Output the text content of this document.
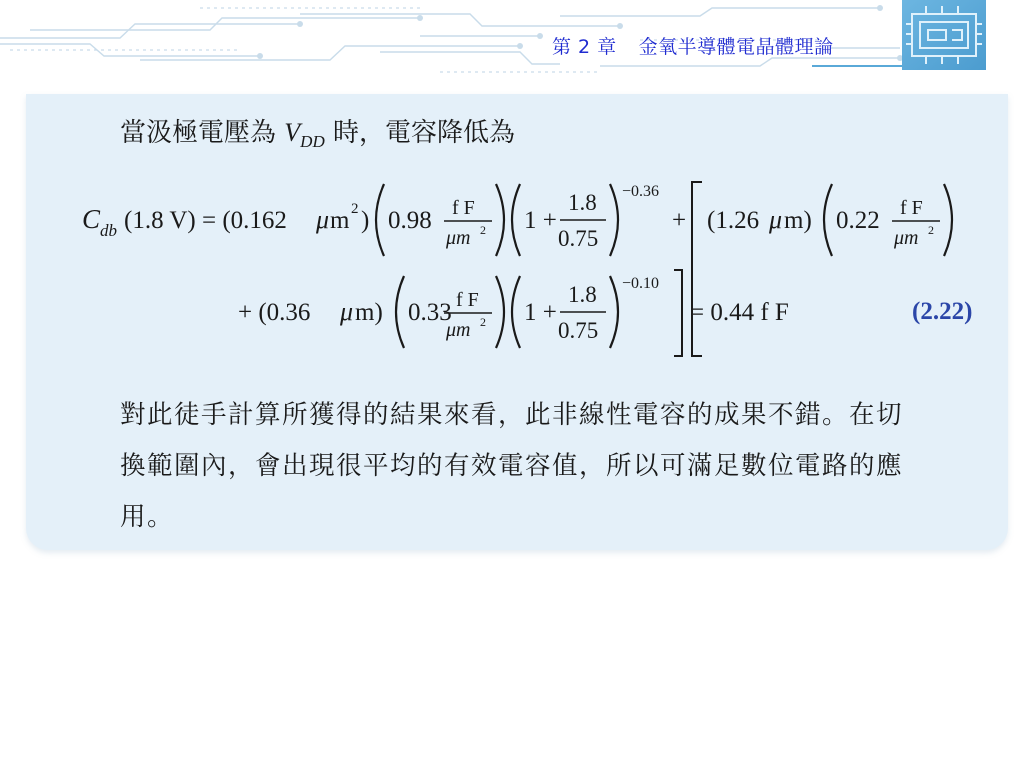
第 2 章 金氧半導體電晶體理論
當汲極電壓為 $V_{DD}$ 時，電容降低為
C db (1.8 V) = (0.162 μ m 2 ) 0.98 f F
μm 2 1 +
1.8
0.75
−0.36
+ (1.26 μ m) 0.22 f F
μm 2
+ (0.36 μ m) 0.33 f F
μm 2 1 +
1.8
0.75
−0.10
= 0.44 f F	(2.22)
對此徒手計算所獲得的結果來看，此非線性電容的成果不錯。在切
換範圍內，會出現很平均的有效電容值，所以可滿足數位電路的應
用。
